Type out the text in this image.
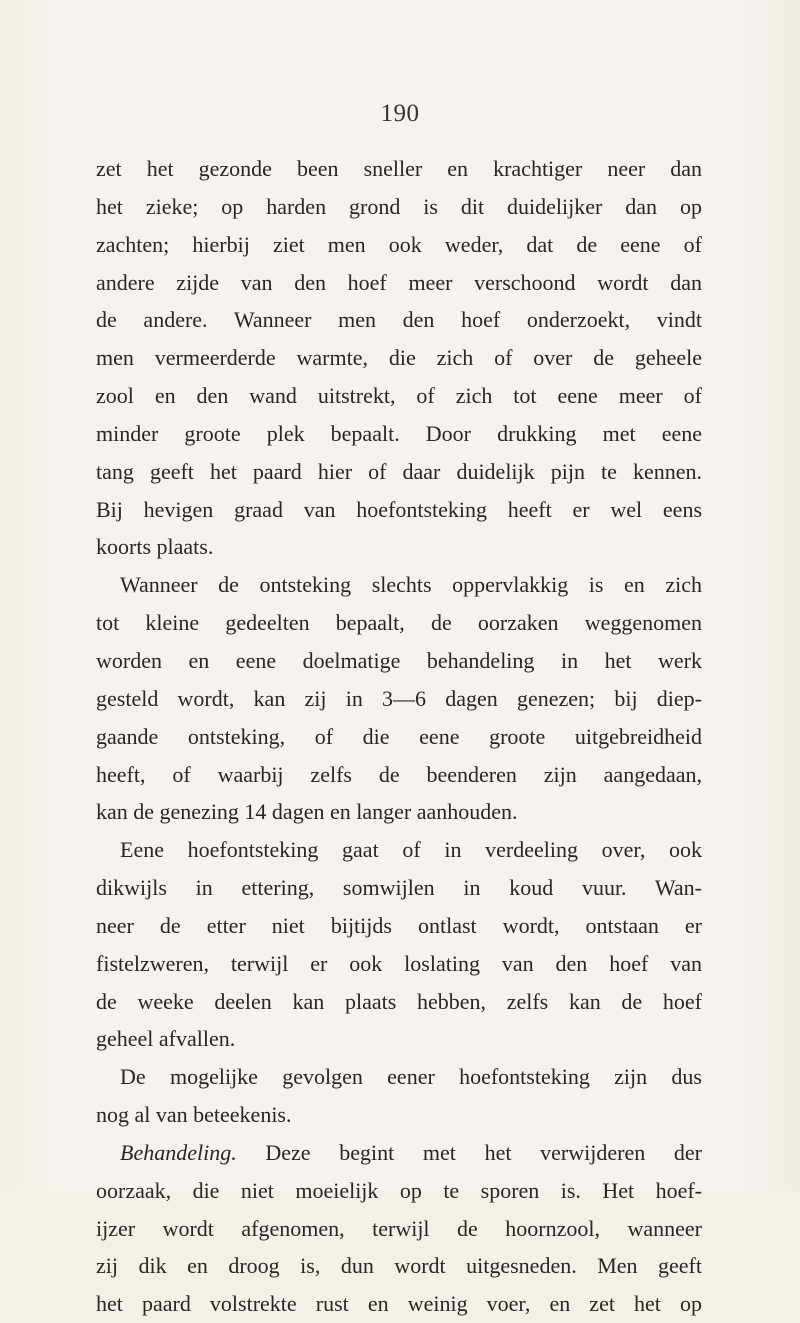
190
zet het gezonde been sneller en krachtiger neer dan
het zieke; op harden grond is dit duidelijker dan op
zachten; hierbij ziet men ook weder, dat de eene of
andere zijde van den hoef meer verschoond wordt dan
de andere. Wanneer men den hoef onderzoekt, vindt
men vermeerderde warmte, die zich of over de geheele
zool en den wand uitstrekt, of zich tot eene meer of
minder groote plek bepaalt. Door drukking met eene
tang geeft het paard hier of daar duidelijk pijn te kennen.
Bij hevigen graad van hoefontsteking heeft er wel eens
koorts plaats.
Wanneer de ontsteking slechts oppervlakkig is en zich
tot kleine gedeelten bepaalt, de oorzaken weggenomen
worden en eene doelmatige behandeling in het werk
gesteld wordt, kan zij in 3—6 dagen genezen; bij diep-
gaande ontsteking, of die eene groote uitgebreidheid
heeft, of waarbij zelfs de beenderen zijn aangedaan,
kan de genezing 14 dagen en langer aanhouden.
Eene hoefontsteking gaat of in verdeeling over, ook
dikwijls in ettering, somwijlen in koud vuur. Wan-
neer de etter niet bijtijds ontlast wordt, ontstaan er
fistelzweren, terwijl er ook loslating van den hoef van
de weeke deelen kan plaats hebben, zelfs kan de hoef
geheel afvallen.
De mogelijke gevolgen eener hoefontsteking zijn dus
nog al van beteekenis.
Behandeling. Deze begint met het verwijderen der
oorzaak, die niet moeielijk op te sporen is. Het hoef-
ijzer wordt afgenomen, terwijl de hoornzool, wanneer
zij dik en droog is, dun wordt uitgesneden. Men geeft
het paard volstrekte rust en weinig voer, en zet het op
